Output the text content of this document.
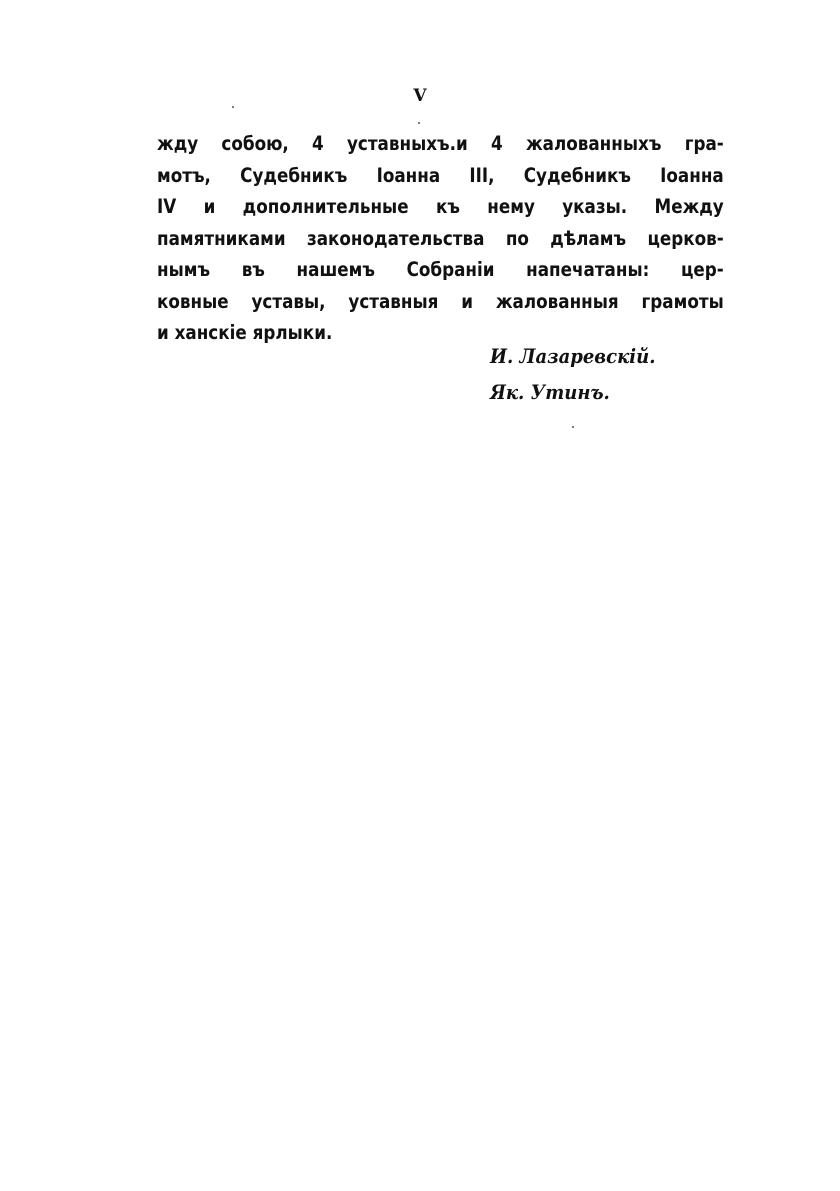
V
жду собою, 4 уставныхъ.и 4 жалованныхъ гра-
мотъ, Судебникъ Іоанна III, Судебникъ Іоанна
IV и дополнительные къ нему указы. Между
памятниками законодательства по дѣламъ церков-
нымъ въ нашемъ Собраніи напечатаны: цер-
ковные уставы, уставныя и жалованныя грамоты
и ханскіе ярлыки.
И. Лазаревскій.
Як. Утинъ.
